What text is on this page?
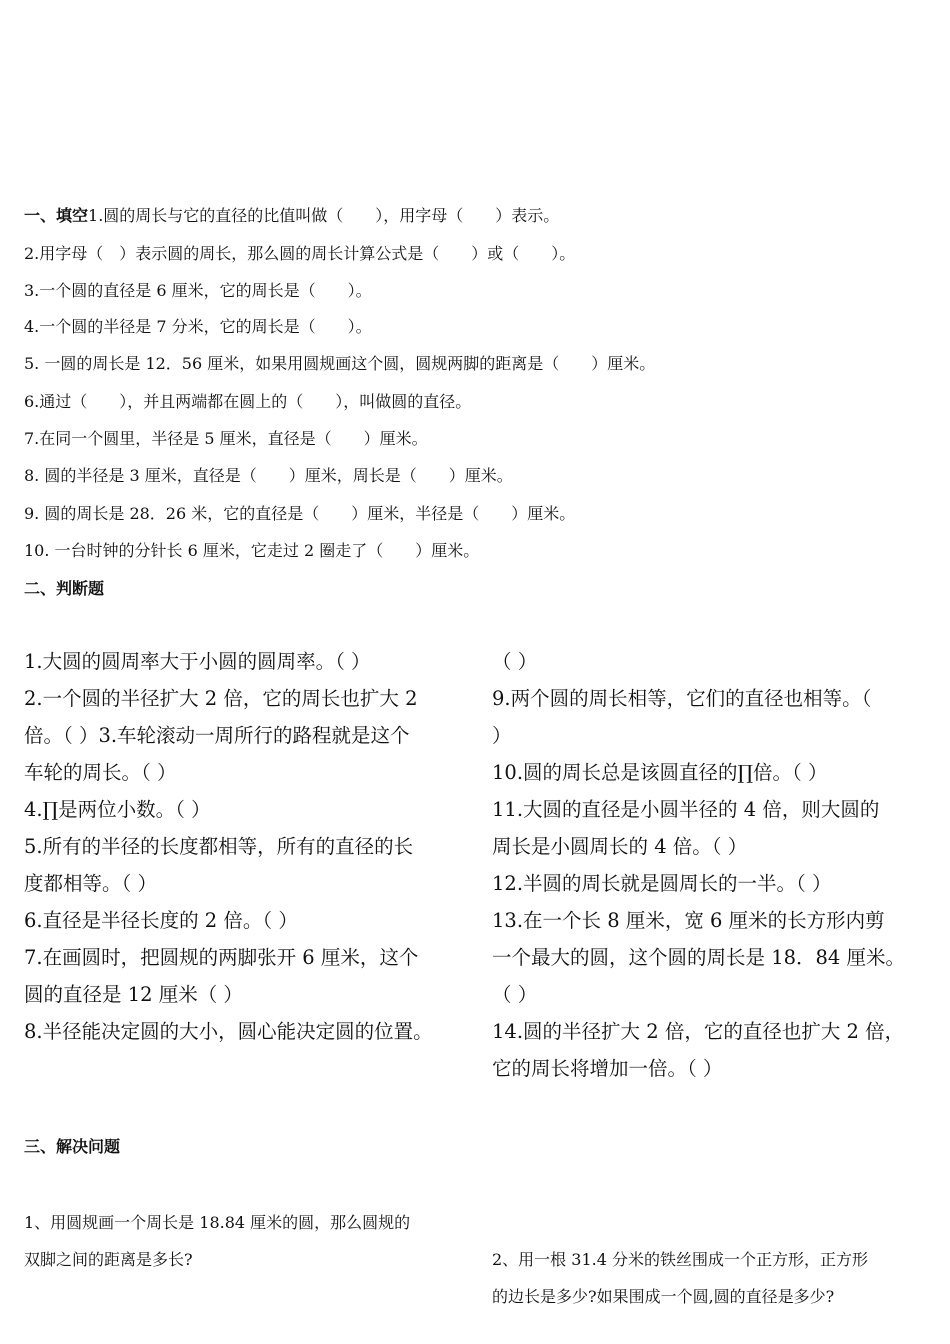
一、填空1.圆的周长与它的直径的比值叫做（　　），用字母（　　）表示。
2.用字母（　）表示圆的周长，那么圆的周长计算公式是（　　）或（　　）。
3.一个圆的直径是 6 厘米，它的周长是（　　）。
4.一个圆的半径是 7 分米，它的周长是（　　）。
5. 一圆的周长是 12．56 厘米，如果用圆规画这个圆，圆规两脚的距离是（　　）厘米。
6.通过（　　），并且两端都在圆上的（　　），叫做圆的直径。
7.在同一个圆里，半径是 5 厘米，直径是（　　）厘米。
8. 圆的半径是 3 厘米，直径是（　　）厘米，周长是（　　）厘米。
9. 圆的周长是 28．26 米，它的直径是（　　）厘米，半径是（　　）厘米。
10. 一台时钟的分针长 6 厘米，它走过 2 圈走了（　　）厘米。
二、判断题
1.大圆的圆周率大于小圆的圆周率。（ ）
2.一个圆的半径扩大 2 倍，它的周长也扩大 2
倍。（ ）3.车轮滚动一周所行的路程就是这个
车轮的周长。（ ）
4.∏是两位小数。（ ）
5.所有的半径的长度都相等，所有的直径的长
度都相等。（ ）
6.直径是半径长度的 2 倍。（ ）
7.在画圆时，把圆规的两脚张开 6 厘米，这个
圆的直径是 12 厘米（ ）
8.半径能决定圆的大小，圆心能决定圆的位置。
（ ）
9.两个圆的周长相等，它们的直径也相等。（
）
10.圆的周长总是该圆直径的∏倍。（ ）
11.大圆的直径是小圆半径的 4 倍，则大圆的
周长是小圆周长的 4 倍。（ ）
12.半圆的周长就是圆周长的一半。（ ）
13.在一个长 8 厘米，宽 6 厘米的长方形内剪
一个最大的圆，这个圆的周长是 18．84 厘米。
（ ）
14.圆的半径扩大 2 倍，它的直径也扩大 2 倍，
它的周长将增加一倍。（ ）
三、解决问题
1、用圆规画一个周长是 18.84 厘米的圆，那么圆规的
双脚之间的距离是多长?	2、用一根 31.4 分米的铁丝围成一个正方形，正方形
的边长是多少?如果围成一个圆,圆的直径是多少?
